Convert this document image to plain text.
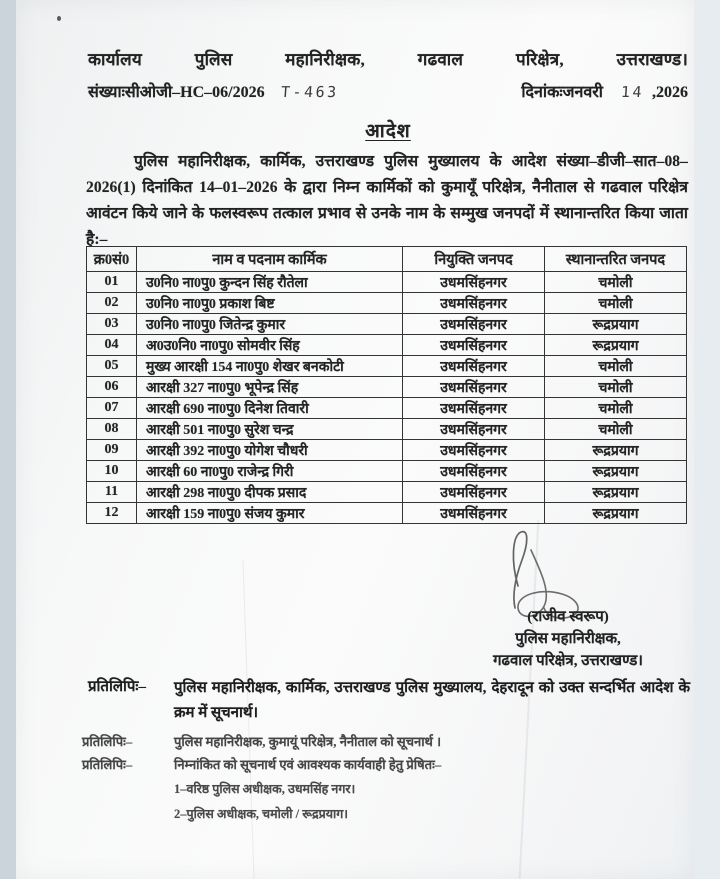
कार्यालय पुलिस महानिरीक्षक, गढवाल परिक्षेत्र, उत्तराखण्ड।
संख्याःसीओजी–HC–06/2026 T-463	दिनांकःजनवरी 14 ,2026
आदेश
पुलिस महानिरीक्षक, कार्मिक, उत्तराखण्ड पुलिस मुख्यालय के आदेश संख्या–डीजी–सात–08–2026(1) दिनांकित 14–01–2026 के द्वारा निम्न कार्मिकों को कुमायूँ परिक्षेत्र, नैनीताल से गढवाल परिक्षेत्र आवंटन किये जाने के फलस्वरूप तत्काल प्रभाव से उनके नाम के सम्मुख जनपदों में स्थानान्तरित किया जाता है:–
क्र0सं0	नाम व पदनाम कार्मिक	नियुक्ति जनपद	स्थानान्तरित जनपद
01	उ0नि0 ना0पु0 कुन्दन सिंह रौतेला	उधमसिंहनगर	चमोली
02	उ0नि0 ना0पु0 प्रकाश बिष्ट	उधमसिंहनगर	चमोली
03	उ0नि0 ना0पु0 जितेन्द्र कुमार	उधमसिंहनगर	रूद्रप्रयाग
04	अ0उ0नि0 ना0पु0 सोमवीर सिंह	उधमसिंहनगर	रूद्रप्रयाग
05	मुख्य आरक्षी 154 ना0पु0 शेखर बनकोटी	उधमसिंहनगर	चमोली
06	आरक्षी 327 ना0पु0 भूपेन्द्र सिंह	उधमसिंहनगर	चमोली
07	आरक्षी 690 ना0पु0 दिनेश तिवारी	उधमसिंहनगर	चमोली
08	आरक्षी 501 ना0पु0 सुरेश चन्द्र	उधमसिंहनगर	चमोली
09	आरक्षी 392 ना0पु0 योगेश चौधरी	उधमसिंहनगर	रूद्रप्रयाग
10	आरक्षी 60 ना0पु0 राजेन्द्र गिरी	उधमसिंहनगर	रूद्रप्रयाग
11	आरक्षी 298 ना0पु0 दीपक प्रसाद	उधमसिंहनगर	रूद्रप्रयाग
12	आरक्षी 159 ना0पु0 संजय कुमार	उधमसिंहनगर	रूद्रप्रयाग
(राजीव स्वरूप)
पुलिस महानिरीक्षक,
गढवाल परिक्षेत्र, उत्तराखण्ड।
प्रतिलिपिः– पुलिस महानिरीक्षक, कार्मिक, उत्तराखण्ड पुलिस मुख्यालय, देहरादून को उक्त सन्दर्भित आदेश के क्रम में सूचनार्थ।
प्रतिलिपिः–	पुलिस महानिरीक्षक, कुमायूं परिक्षेत्र, नैनीताल को सूचनार्थ ।
प्रतिलिपिः–	निम्नांकित को सूचनार्थ एवं आवश्यक कार्यवाही हेतु प्रेषितः–
1–वरिष्ठ पुलिस अधीक्षक, उधमसिंह नगर।
2–पुलिस अधीक्षक, चमोली / रूद्रप्रयाग।
